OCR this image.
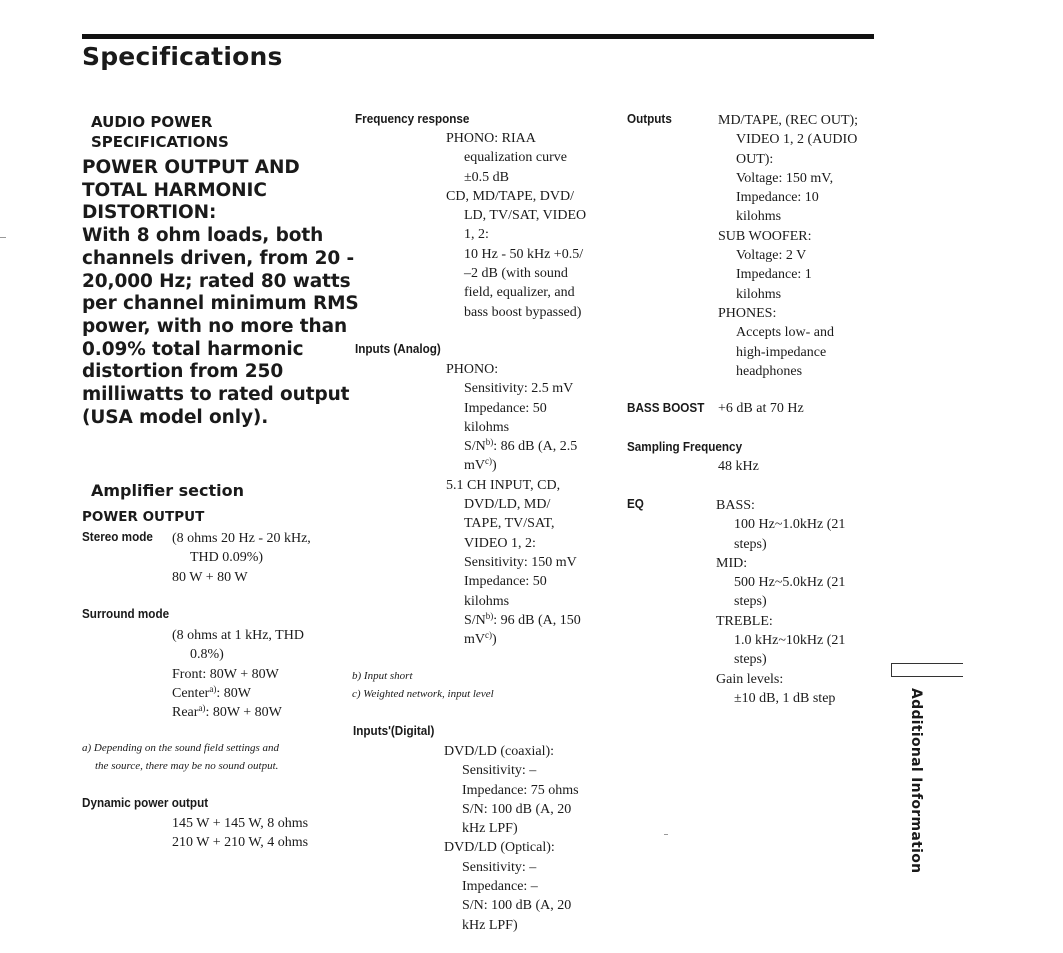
Specifications
AUDIO POWER
SPECIFICATIONS
POWER OUTPUT AND
TOTAL HARMONIC
DISTORTION:
With 8 ohm loads, both
channels driven, from 20 -
20,000 Hz; rated 80 watts
per channel minimum RMS
power, with no more than
0.09% total harmonic
distortion from 250
milliwatts to rated output
(USA model only).
Amplifier section
POWER OUTPUT
Stereo mode (8 ohms 20 Hz - 20 kHz,
THD 0.09%)
80 W + 80 W
Surround mode
(8 ohms at 1 kHz, THD
0.8%)
Front: 80W + 80W
Center$^{a)}$: 80W
Rear$^{a)}$: 80W + 80W
a) Depending on the sound field settings and
the source, there may be no sound output.
Dynamic power output
145 W + 145 W, 8 ohms
210 W + 210 W, 4 ohms
Frequency response
PHONO: RIAA
equalization curve
±0.5 dB
CD, MD/TAPE, DVD/
LD, TV/SAT, VIDEO
1, 2:
10 Hz - 50 kHz +0.5/
–2 dB (with sound
field, equalizer, and
bass boost bypassed)
Inputs (Analog)
PHONO:
Sensitivity: 2.5 mV
Impedance: 50
kilohms
$S/N^{b)}$: 86 dB (A, 2.5
$mV^{c)}$)
5.1 CH INPUT, CD,
DVD/LD, MD/
TAPE, TV/SAT,
VIDEO 1, 2:
Sensitivity: 150 mV
Impedance: 50
kilohms
$S/N^{b)}$: 96 dB (A, 150
$mV^{c)}$)
b) Input short
c) Weighted network, input level
Inputs'(Digital)
DVD/LD (coaxial):
Sensitivity: –
Impedance: 75 ohms
S/N: 100 dB (A, 20
kHz LPF)
DVD/LD (Optical):
Sensitivity: –
Impedance: –
S/N: 100 dB (A, 20
kHz LPF)
Outputs	MD/TAPE, (REC OUT);
VIDEO 1, 2 (AUDIO
OUT):
Voltage: 150 mV,
Impedance: 10
kilohms
SUB WOOFER:
Voltage: 2 V
Impedance: 1
kilohms
PHONES:
Accepts low- and
high-impedance
headphones
BASS BOOST +6 dB at 70 Hz
Sampling Frequency
48 kHz
EQ	BASS:
100 Hz~1.0kHz (21
steps)
MID:
500 Hz~5.0kHz (21
steps)
TREBLE:
1.0 kHz~10kHz (21
steps)
Gain levels:
±10 dB, 1 dB step	Additional Information
